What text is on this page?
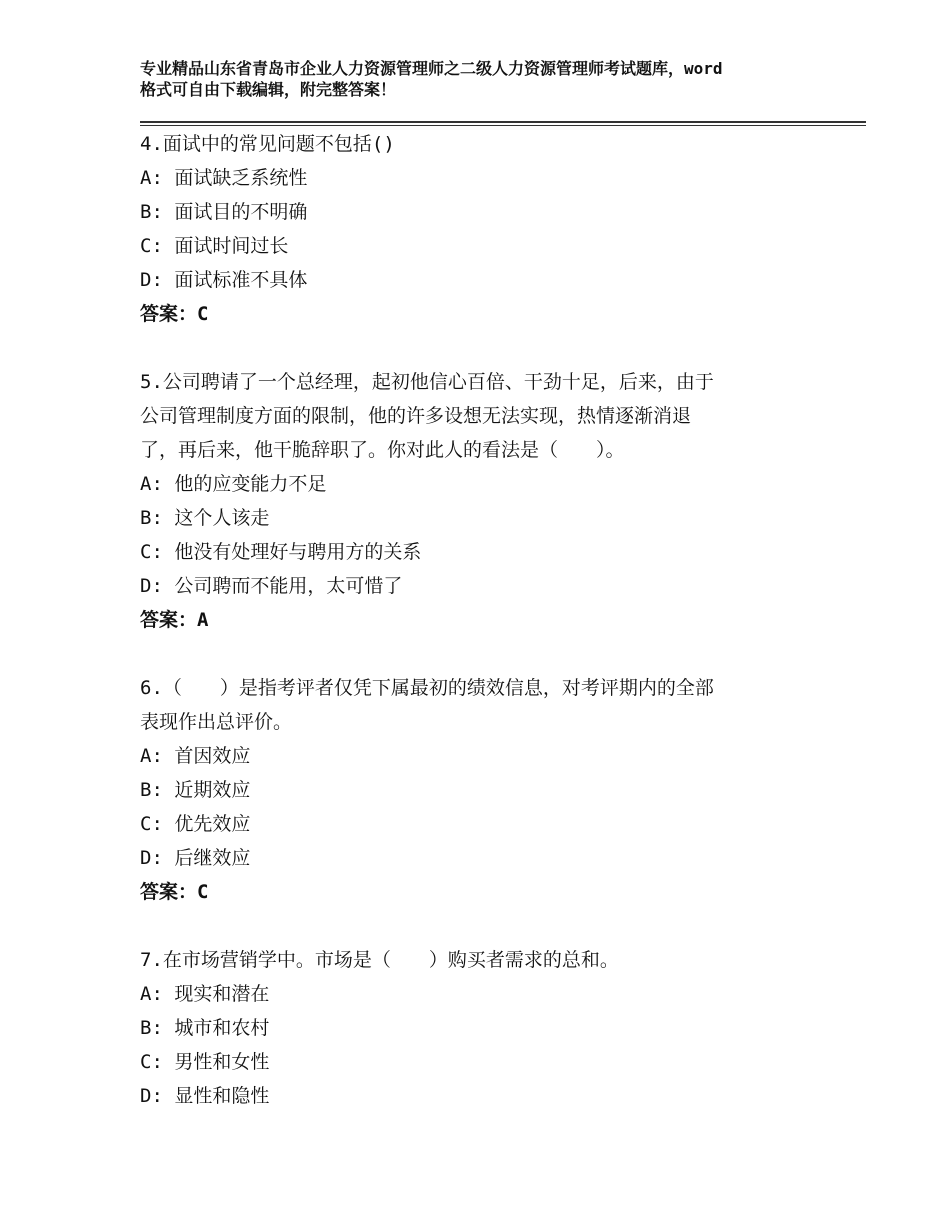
专业精品山东省青岛市企业人力资源管理师之二级人力资源管理师考试题库，word
格式可自由下载编辑，附完整答案！
4.面试中的常见问题不包括()
A: 面试缺乏系统性
B: 面试目的不明确
C: 面试时间过长
D: 面试标准不具体
答案：C
5.公司聘请了一个总经理，起初他信心百倍、干劲十足，后来，由于
公司管理制度方面的限制，他的许多设想无法实现，热情逐渐消退
了，再后来，他干脆辞职了。你对此人的看法是（　　）。
A: 他的应变能力不足
B: 这个人该走
C: 他没有处理好与聘用方的关系
D: 公司聘而不能用，太可惜了
答案：A
6.（　　）是指考评者仅凭下属最初的绩效信息，对考评期内的全部
表现作出总评价。
A: 首因效应
B: 近期效应
C: 优先效应
D: 后继效应
答案：C
7.在市场营销学中。市场是（　　）购买者需求的总和。
A: 现实和潜在
B: 城市和农村
C: 男性和女性
D: 显性和隐性
